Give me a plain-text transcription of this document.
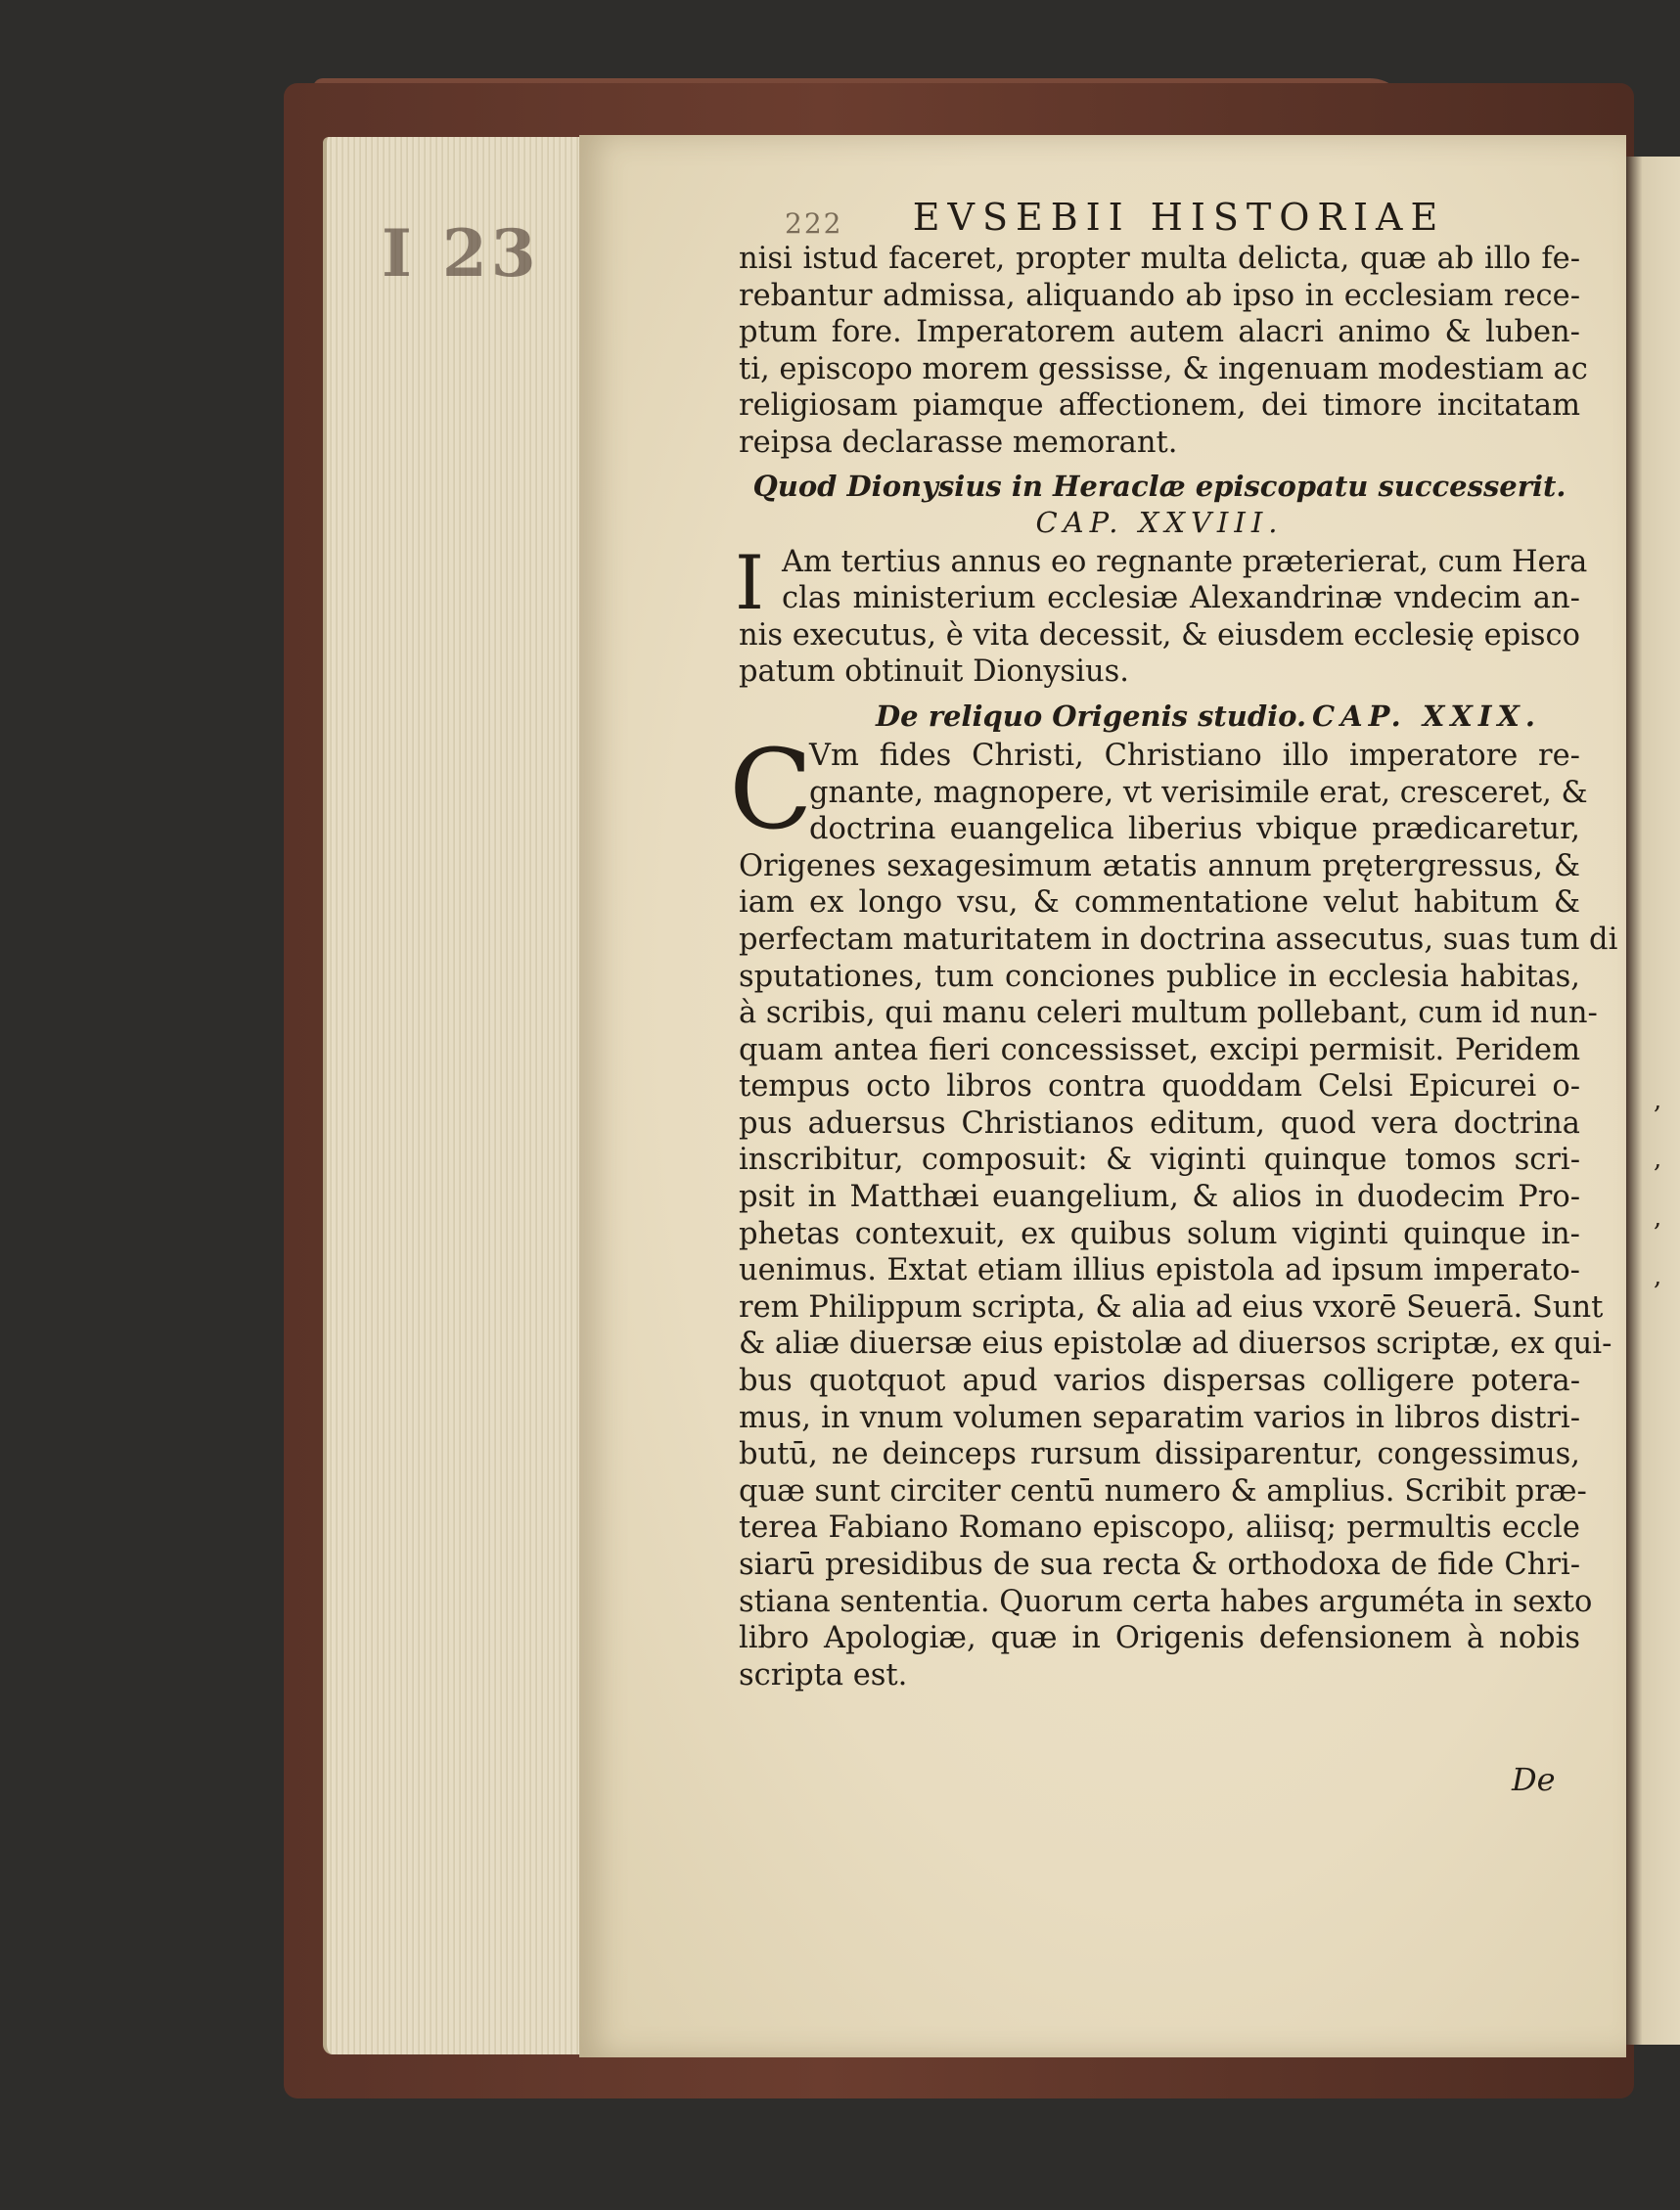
I 23	222	EVSEBII HISTORIAE

nisi istud faceret, propter multa delicta, quæ ab illo fe-

rebantur admissa, aliquando ab ipso in ecclesiam rece-

ptum fore. Imperatorem autem alacri animo & luben-

ti, episcopo morem gessisse, & ingenuam modestiam ac

religiosam piamque affectionem, dei timore incitatam

reipsa declarasse memorant.

Quod Dionysius in Heraclæ episcopatu successerit.
CAP. XXVIII.
I Am tertius annus eo regnante præterierat, cum Hera

clas ministerium ecclesiæ Alexandrinæ vndecim an-

nis executus, è vita decessit, & eiusdem ecclesię episco

patum obtinuit Dionysius.

De reliquo Origenis studio. CAP. XXIX.
C

Vm fides Christi, Christiano illo imperatore re-

gnante, magnopere, vt verisimile erat, cresceret, &

doctrina euangelica liberius vbique prædicaretur,

Origenes sexagesimum ætatis annum prętergressus, &

iam ex longo vsu, & commentatione velut habitum &

perfectam maturitatem in doctrina assecutus, suas tum di

sputationes, tum conciones publice in ecclesia habitas,

à scribis, qui manu celeri multum pollebant, cum id nun-

quam antea fieri concessisset, excipi permisit. Peridem

tempus octo libros contra quoddam Celsi Epicurei o-

pus aduersus Christianos editum, quod vera doctrina

inscribitur, composuit: & viginti quinque tomos scri-

psit in Matthæi euangelium, & alios in duodecim Pro-

phetas contexuit, ex quibus solum viginti quinque in-

uenimus. Extat etiam illius epistola ad ipsum imperato-

rem Philippum scripta, & alia ad eius vxorē Seuerā. Sunt

& aliæ diuersæ eius epistolæ ad diuersos scriptæ, ex qui-

bus quotquot apud varios dispersas colligere potera-

mus, in vnum volumen separatim varios in libros distri-

butū, ne deinceps rursum dissiparentur, congessimus,

quæ sunt circiter centū numero & amplius. Scribit præ-

terea Fabiano Romano episcopo, aliisq; permultis eccle

siarū presidibus de sua recta & orthodoxa de fide Chri-

stiana sententia. Quorum certa habes arguméta in sexto

libro Apologiæ, quæ in Origenis defensionem à nobis

scripta est.

De
,
,
,
,
